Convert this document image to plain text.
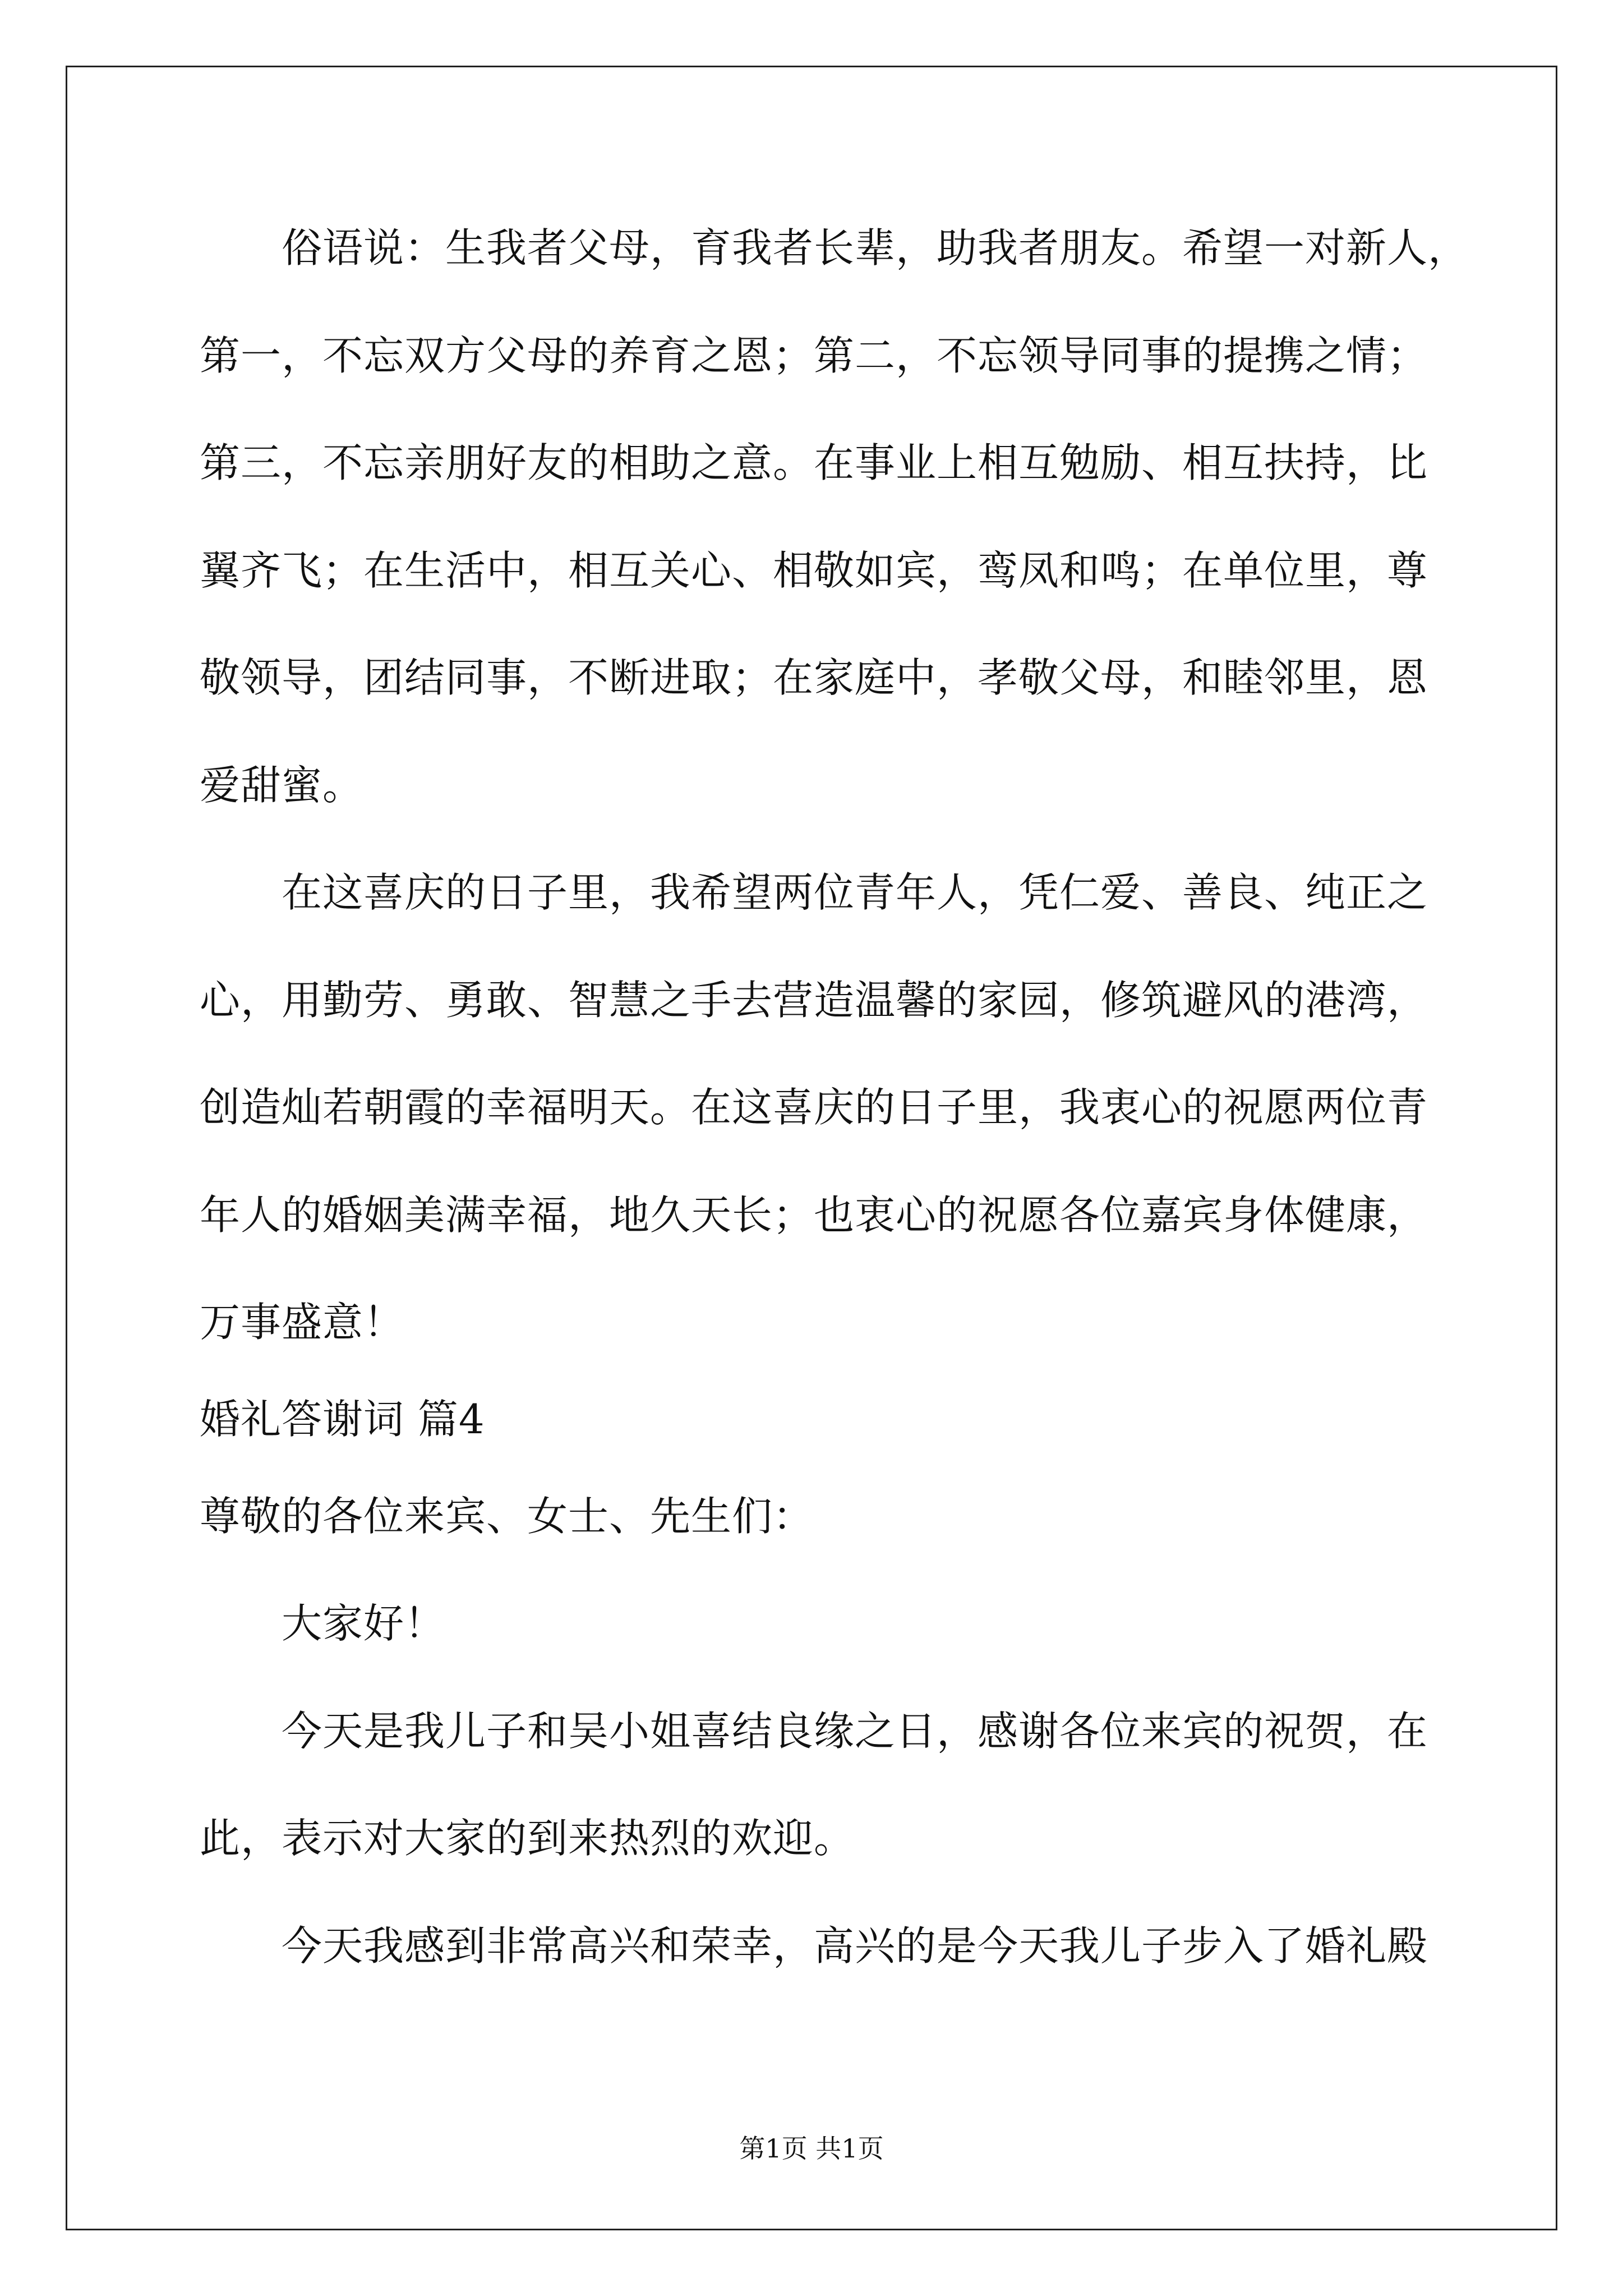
俗语说：生我者父母，育我者长辈，助我者朋友。希望一对新人，
第一，不忘双方父母的养育之恩；第二，不忘领导同事的提携之情；
第三，不忘亲朋好友的相助之意。在事业上相互勉励、相互扶持，比
翼齐飞；在生活中，相互关心、相敬如宾，鸾凤和鸣；在单位里，尊
敬领导，团结同事，不断进取；在家庭中，孝敬父母，和睦邻里，恩
爱甜蜜。
在这喜庆的日子里，我希望两位青年人，凭仁爱、善良、纯正之
心，用勤劳、勇敢、智慧之手去营造温馨的家园，修筑避风的港湾，
创造灿若朝霞的幸福明天。在这喜庆的日子里，我衷心的祝愿两位青
年人的婚姻美满幸福，地久天长；也衷心的祝愿各位嘉宾身体健康，
万事盛意！
婚礼答谢词 篇4
尊敬的各位来宾、女士、先生们：
大家好！
今天是我儿子和吴小姐喜结良缘之日，感谢各位来宾的祝贺，在
此，表示对大家的到来热烈的欢迎。
今天我感到非常高兴和荣幸，高兴的是今天我儿子步入了婚礼殿
第1页 共1页
